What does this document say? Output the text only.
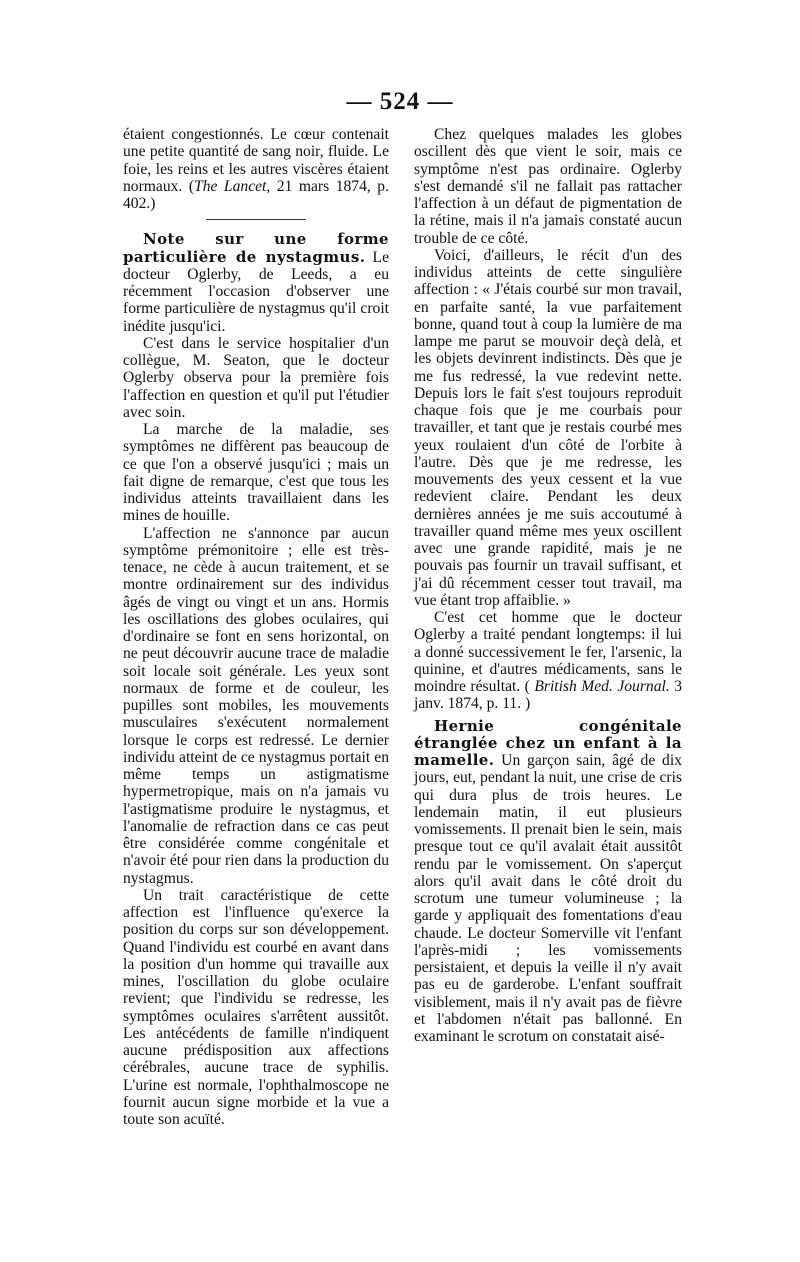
— 524 —

étaient congestionnés. Le cœur contenait une petite quantité de sang noir, fluide. Le foie, les reins et les autres viscères étaient normaux. (The Lancet, 21 mars 1874, p. 402.)

Note sur une forme particulière de nystagmus. Le docteur Oglerby, de Leeds, a eu récemment l'occasion d'observer une forme particulière de nystagmus qu'il croit inédite jusqu'ici.

C'est dans le service hospitalier d'un collègue, M. Seaton, que le docteur Oglerby observa pour la première fois l'affection en question et qu'il put l'étudier avec soin.

La marche de la maladie, ses symptômes ne diffèrent pas beaucoup de ce que l'on a observé jusqu'ici ; mais un fait digne de remarque, c'est que tous les individus atteints travaillaient dans les mines de houille.

L'affection ne s'annonce par aucun symptôme prémonitoire ; elle est très-tenace, ne cède à aucun traitement, et se montre ordinairement sur des individus âgés de vingt ou vingt et un ans. Hormis les oscillations des globes oculaires, qui d'ordinaire se font en sens horizontal, on ne peut découvrir aucune trace de maladie soit locale soit générale. Les yeux sont normaux de forme et de couleur, les pupilles sont mobiles, les mouvements musculaires s'exécutent normalement lorsque le corps est redressé. Le dernier individu atteint de ce nystagmus portait en même temps un astigmatisme hypermetropique, mais on n'a jamais vu l'astigmatisme produire le nystagmus, et l'anomalie de refraction dans ce cas peut être considérée comme congénitale et n'avoir été pour rien dans la production du nystagmus.

Un trait caractéristique de cette affection est l'influence qu'exerce la position du corps sur son développement. Quand l'individu est courbé en avant dans la position d'un homme qui travaille aux mines, l'oscillation du globe oculaire revient; que l'individu se redresse, les symptômes oculaires s'arrêtent aussitôt. Les antécédents de famille n'indiquent aucune prédisposition aux affections cérébrales, aucune trace de syphilis. L'urine est normale, l'ophthalmoscope ne fournit aucun signe morbide et la vue a toute son acuïté.

Chez quelques malades les globes oscillent dès que vient le soir, mais ce symptôme n'est pas ordinaire. Oglerby s'est demandé s'il ne fallait pas rattacher l'affection à un défaut de pigmentation de la rétine, mais il n'a jamais constaté aucun trouble de ce côté.

Voici, d'ailleurs, le récit d'un des individus atteints de cette singulière affection : « J'étais courbé sur mon travail, en parfaite santé, la vue parfaitement bonne, quand tout à coup la lumière de ma lampe me parut se mouvoir deçà delà, et les objets devinrent indistincts. Dès que je me fus redressé, la vue redevint nette. Depuis lors le fait s'est toujours reproduit chaque fois que je me courbais pour travailler, et tant que je restais courbé mes yeux roulaient d'un côté de l'orbite à l'autre. Dès que je me redresse, les mouvements des yeux cessent et la vue redevient claire. Pendant les deux dernières années je me suis accoutumé à travailler quand même mes yeux oscillent avec une grande rapidité, mais je ne pouvais pas fournir un travail suffisant, et j'ai dû récemment cesser tout travail, ma vue étant trop affaiblie. »

C'est cet homme que le docteur Oglerby a traité pendant longtemps: il lui a donné successivement le fer, l'arsenic, la quinine, et d'autres médicaments, sans le moindre résultat. ( British Med. Journal. 3 janv. 1874, p. 11. )

Hernie congénitale étranglée chez un enfant à la mamelle. Un garçon sain, âgé de dix jours, eut, pendant la nuit, une crise de cris qui dura plus de trois heures. Le lendemain matin, il eut plusieurs vomissements. Il prenait bien le sein, mais presque tout ce qu'il avalait était aussitôt rendu par le vomissement. On s'aperçut alors qu'il avait dans le côté droit du scrotum une tumeur volumineuse ; la garde y appliquait des fomentations d'eau chaude. Le docteur Somerville vit l'enfant l'après-midi ; les vomissements persistaient, et depuis la veille il n'y avait pas eu de garderobe. L'enfant souffrait visiblement, mais il n'y avait pas de fièvre et l'abdomen n'était pas ballonné. En examinant le scrotum on constatait aisé-
